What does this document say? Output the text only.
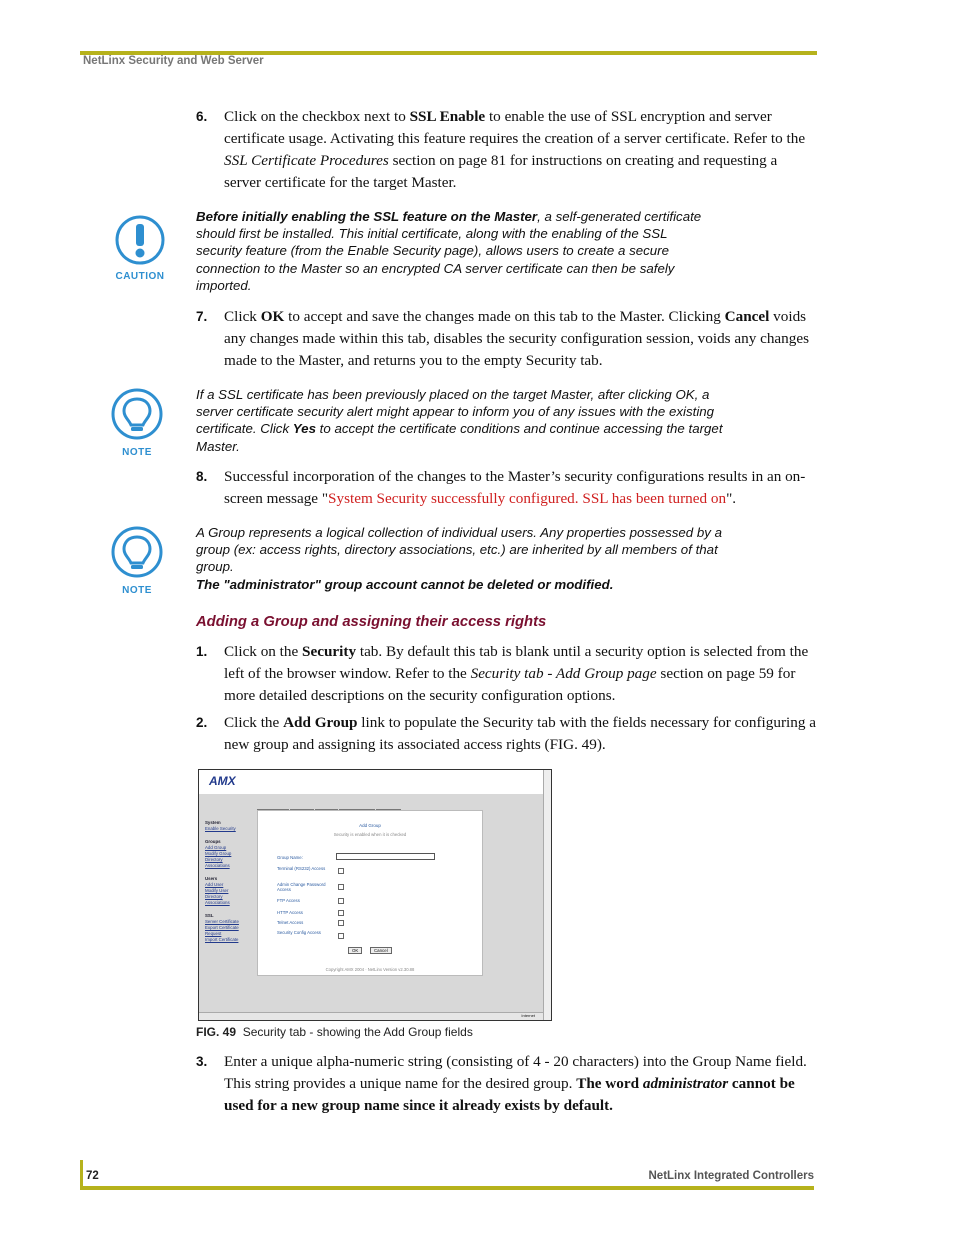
NetLinx Security and Web Server
6. Click on the checkbox next to SSL Enable to enable the use of SSL encryption and server certificate usage. Activating this feature requires the creation of a server certificate. Refer to the SSL Certificate Procedures section on page 81 for instructions on creating and requesting a server certificate for the target Master.
CAUTION
Before initially enabling the SSL feature on the Master, a self-generated certificate should first be installed. This initial certificate, along with the enabling of the SSL security feature (from the Enable Security page), allows users to create a secure connection to the Master so an encrypted CA server certificate can then be safely imported.
7. Click OK to accept and save the changes made on this tab to the Master. Clicking Cancel voids any changes made within this tab, disables the security configuration session, voids any changes made to the Master, and returns you to the empty Security tab.
NOTE
If a SSL certificate has been previously placed on the target Master, after clicking OK, a server certificate security alert might appear to inform you of any issues with the existing certificate. Click Yes to accept the certificate conditions and continue accessing the target Master.
8. Successful incorporation of the changes to the Master’s security configurations results in an on-screen message "System Security successfully configured. SSL has been turned on".
NOTE
A Group represents a logical collection of individual users. Any properties possessed by a group (ex: access rights, directory associations, etc.) are inherited by all members of that group.
The "administrator" group account cannot be deleted or modified.
Adding a Group and assigning their access rights
1. Click on the Security tab. By default this tab is blank until a security option is selected from the left of the browser window. Refer to the Security tab - Add Group page section on page 59 for more detailed descriptions on the security configuration options.
2. Click the Add Group link to populate the Security tab with the fields necessary for configuring a new group and assigning its associated access rights (FIG. 49).
AMX
System
Enable Security
Groups
Add Group
Modify Group
Directory
Associations
Users
Add User
Modify User
Directory
Associations
SSL
Server Certificate
Export Certificate
Request
Import Certificate
Add Group
Security is enabled when it is checked
Group Name:
Terminal (RS232) Access
Admin Change Password Access
FTP Access
HTTP Access
Telnet Access
Security Config Access
OK	Cancel
Copyright AMX 2004 · NetLinx Version v2.30.88
Internet
FIG. 49 Security tab - showing the Add Group fields
3. Enter a unique alpha-numeric string (consisting of 4 - 20 characters) into the Group Name field. This string provides a unique name for the desired group. The word administrator cannot be used for a new group name since it already exists by default.
72	NetLinx Integrated Controllers
